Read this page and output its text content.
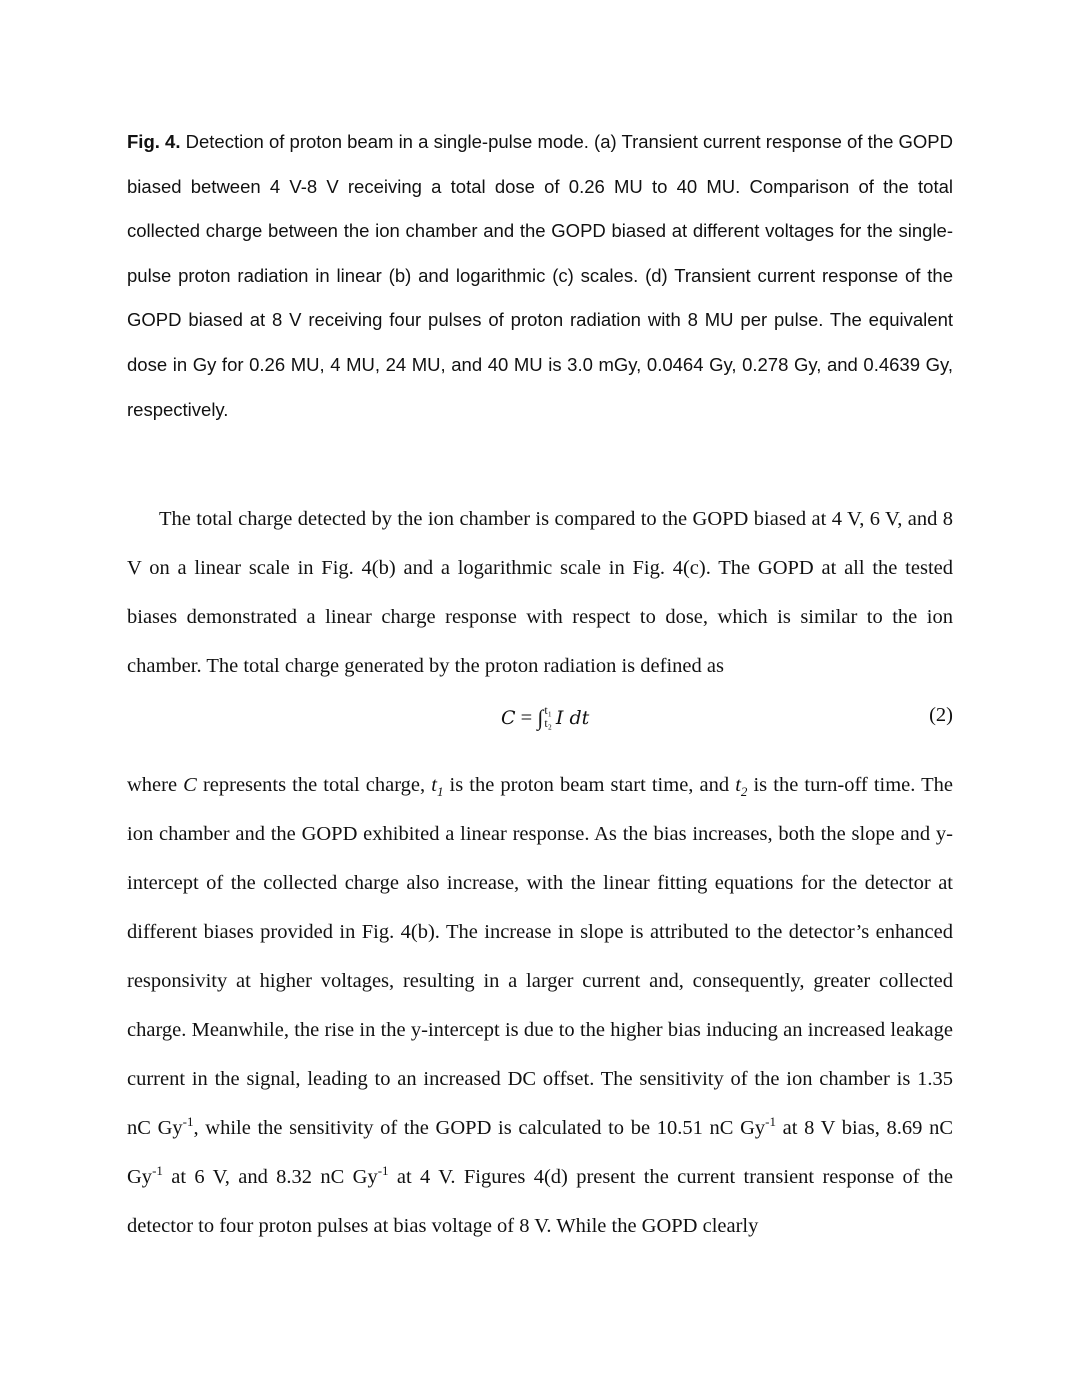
Fig. 4. Detection of proton beam in a single-pulse mode. (a) Transient current response of the GOPD biased between 4 V-8 V receiving a total dose of 0.26 MU to 40 MU. Comparison of the total collected charge between the ion chamber and the GOPD biased at different voltages for the single-pulse proton radiation in linear (b) and logarithmic (c) scales. (d) Transient current response of the GOPD biased at 8 V receiving four pulses of proton radiation with 8 MU per pulse. The equivalent dose in Gy for 0.26 MU, 4 MU, 24 MU, and 40 MU is 3.0 mGy, 0.0464 Gy, 0.278 Gy, and 0.4639 Gy, respectively.

The total charge detected by the ion chamber is compared to the GOPD biased at 4 V, 6 V, and 8 V on a linear scale in Fig. 4(b) and a logarithmic scale in Fig. 4(c). The GOPD at all the tested biases demonstrated a linear charge response with respect to dose, which is similar to the ion chamber. The total charge generated by the proton radiation is defined as

C = ∫ t₁
t₂ I dt	(2)

where C represents the total charge, $t_1$ is the proton beam start time, and $t_2$ is the turn-off time. The ion chamber and the GOPD exhibited a linear response. As the bias increases, both the slope and y-intercept of the collected charge also increase, with the linear fitting equations for the detector at different biases provided in Fig. 4(b). The increase in slope is attributed to the detector’s enhanced responsivity at higher voltages, resulting in a larger current and, consequently, greater collected charge. Meanwhile, the rise in the y-intercept is due to the higher bias inducing an increased leakage current in the signal, leading to an increased DC offset. The sensitivity of the ion chamber is 1.35 nC $Gy^{-1}$, while the sensitivity of the GOPD is calculated to be 10.51 nC $Gy^{-1}$ at 8 V bias, 8.69 nC $Gy^{-1}$ at 6 V, and 8.32 nC $Gy^{-1}$ at 4 V. Figures 4(d) present the current transient response of the detector to four proton pulses at bias voltage of 8 V. While the GOPD clearly
